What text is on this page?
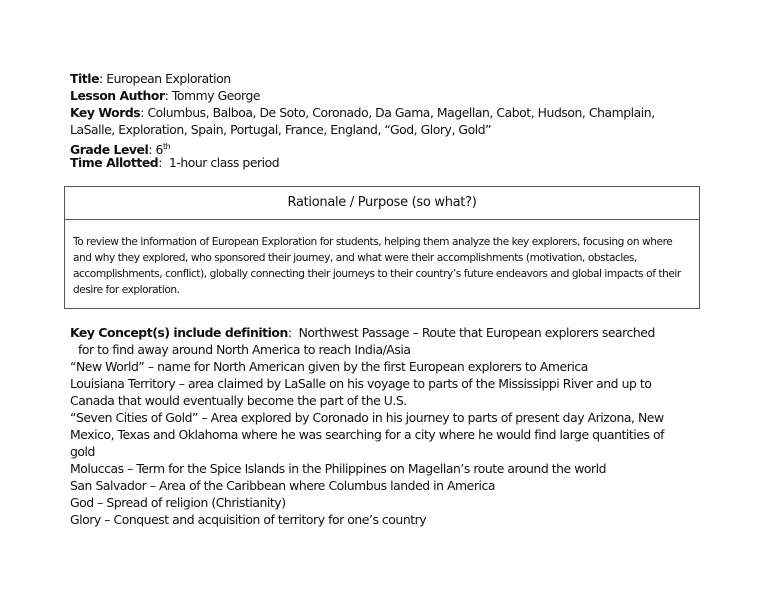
Title: European Exploration
Lesson Author: Tommy George
Key Words: Columbus, Balboa, De Soto, Coronado, Da Gama, Magellan, Cabot, Hudson, Champlain,
LaSalle, Exploration, Spain, Portugal, France, England, “God, Glory, Gold”
Grade Level: 6th
Time Allotted:  1-hour class period
Rationale / Purpose (so what?)
To review the information of European Exploration for students, helping them analyze the key explorers, focusing on where and why they explored, who sponsored their journey, and what were their accomplishments (motivation, obstacles, accomplishments, conflict), globally connecting their journeys to their country’s future endeavors and global impacts of their desire for exploration.
Key Concept(s) include definition:  Northwest Passage – Route that European explorers searched
for to find away around North America to reach India/Asia
“New World” – name for North American given by the first European explorers to America
Louisiana Territory – area claimed by LaSalle on his voyage to parts of the Mississippi River and up to
Canada that would eventually become the part of the U.S.
“Seven Cities of Gold” – Area explored by Coronado in his journey to parts of present day Arizona, New
Mexico, Texas and Oklahoma where he was searching for a city where he would find large quantities of
gold
Moluccas – Term for the Spice Islands in the Philippines on Magellan’s route around the world
San Salvador – Area of the Caribbean where Columbus landed in America
God – Spread of religion (Christianity)
Glory – Conquest and acquisition of territory for one’s country
